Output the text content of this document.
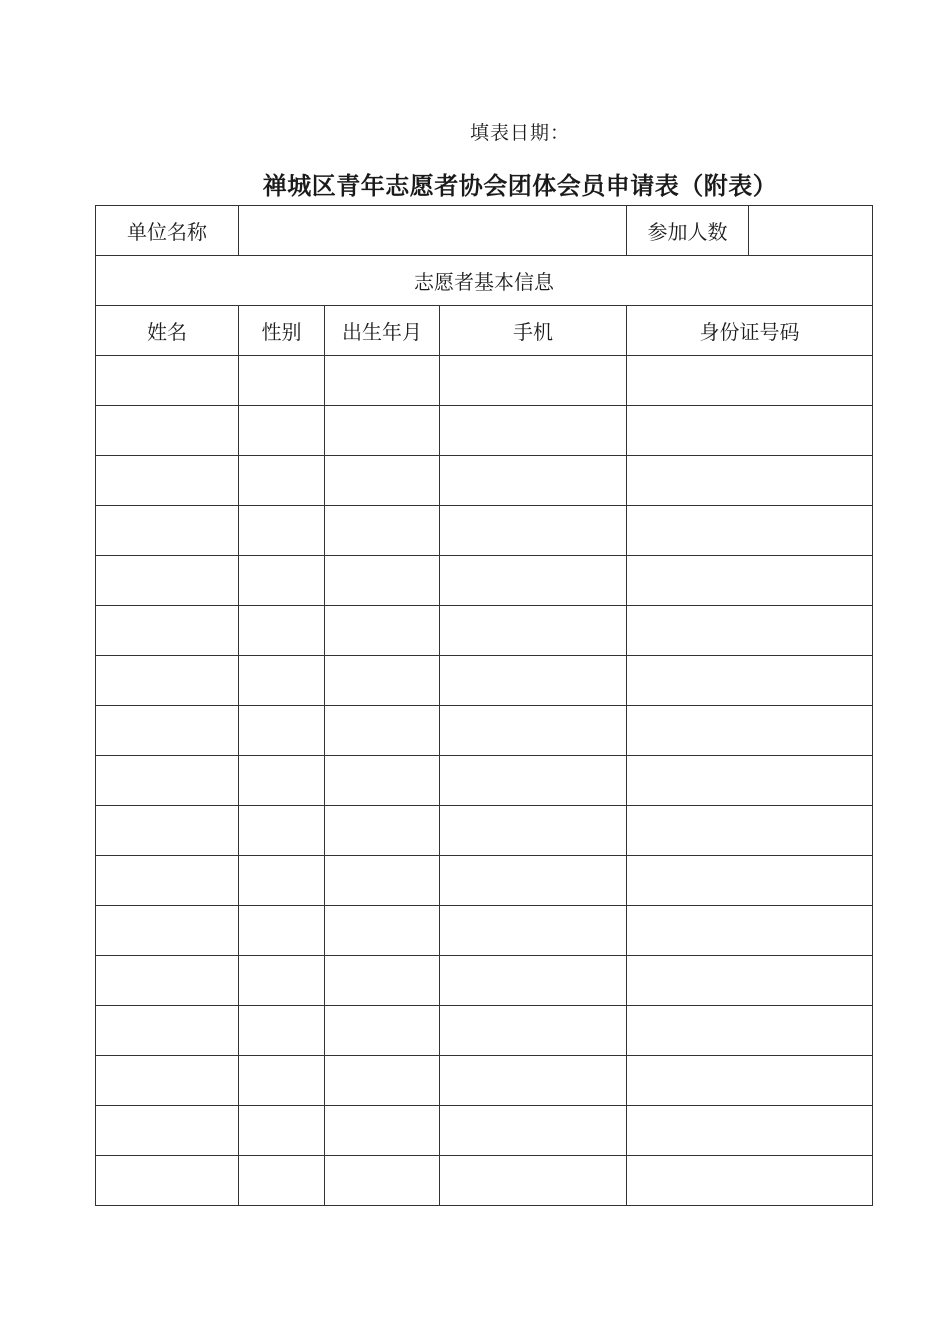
填表日期：
禅城区青年志愿者协会团体会员申请表（附表）
单位名称				参加人数	
志愿者基本信息					
姓名	性别	出生年月	手机	身份证号码	
